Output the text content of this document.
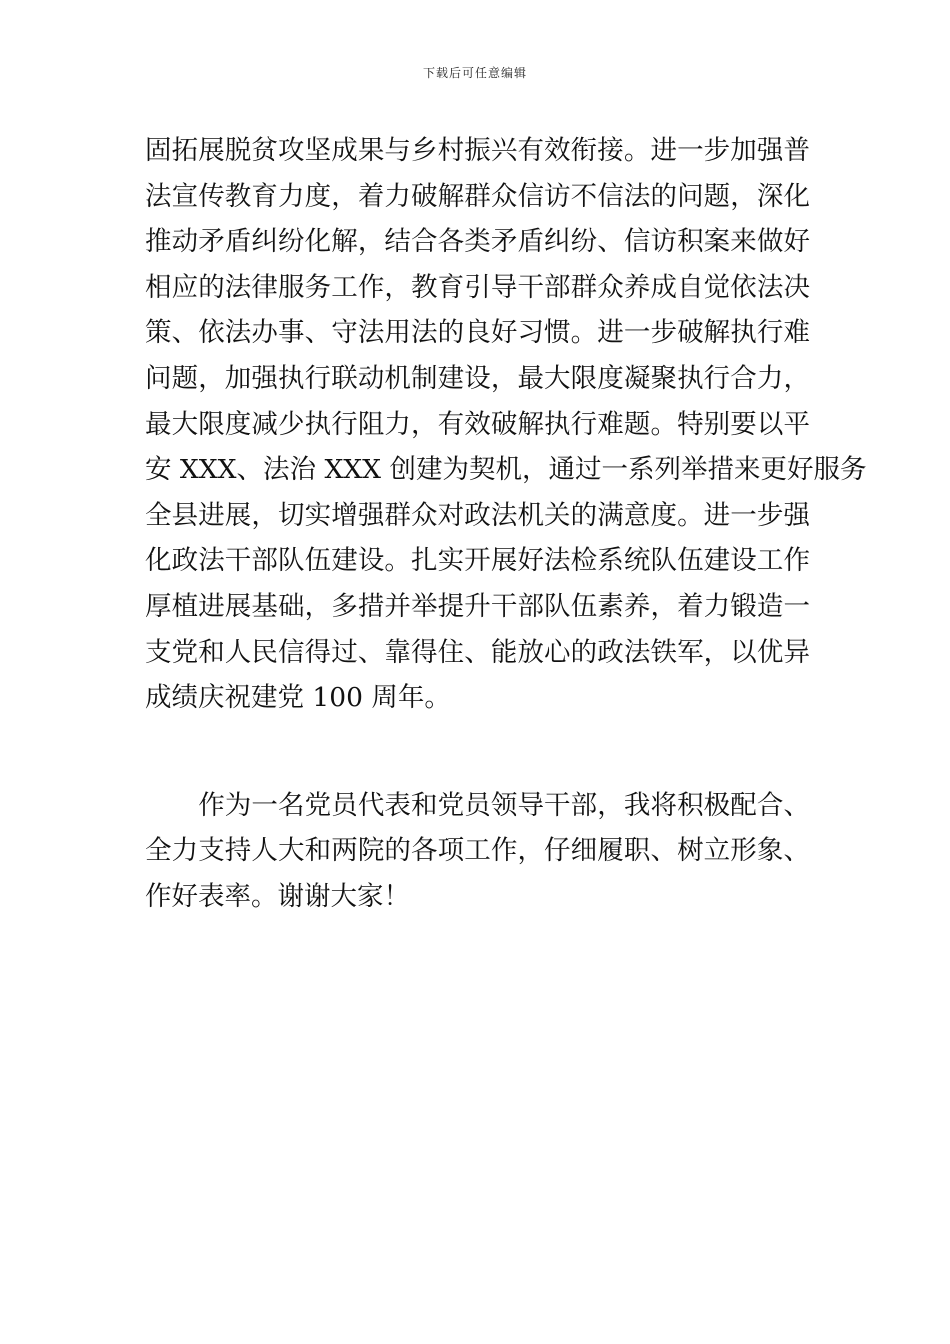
下载后可任意编辑
固拓展脱贫攻坚成果与乡村振兴有效衔接。进一步加强普
法宣传教育力度，着力破解群众信访不信法的问题，深化
推动矛盾纠纷化解，结合各类矛盾纠纷、信访积案来做好
相应的法律服务工作，教育引导干部群众养成自觉依法决
策、依法办事、守法用法的良好习惯。进一步破解执行难
问题，加强执行联动机制建设，最大限度凝聚执行合力，
最大限度减少执行阻力，有效破解执行难题。特别要以平
安 XXX、法治 XXX 创建为契机，通过一系列举措来更好服务
全县进展，切实增强群众对政法机关的满意度。进一步强
化政法干部队伍建设。扎实开展好法检系统队伍建设工作
厚植进展基础，多措并举提升干部队伍素养，着力锻造一
支党和人民信得过、靠得住、能放心的政法铁军，以优异
成绩庆祝建党 100 周年。
　　作为一名党员代表和党员领导干部，我将积极配合、
全力支持人大和两院的各项工作，仔细履职、树立形象、
作好表率。谢谢大家！
